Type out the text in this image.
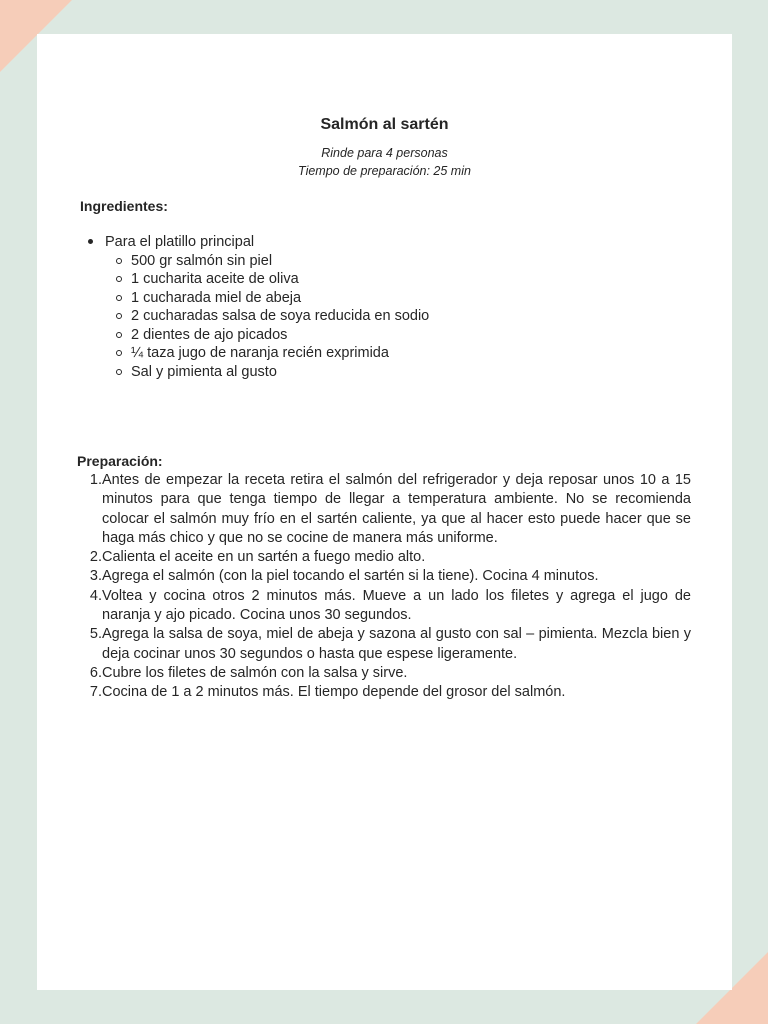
Salmón al sartén

Rinde para 4 personas

Tiempo de preparación: 25 min

Ingredientes:
Para el platillo principal
500 gr salmón sin piel
1 cucharita aceite de oliva
1 cucharada miel de abeja
2 cucharadas salsa de soya reducida en sodio
2 dientes de ajo picados
¼ taza jugo de naranja recién exprimida
Sal y pimienta al gusto
Preparación:
1. Antes de empezar la receta retira el salmón del refrigerador y deja reposar unos 10 a 15 minutos para que tenga tiempo de llegar a temperatura ambiente. No se recomienda colocar el salmón muy frío en el sartén caliente, ya que al hacer esto puede hacer que se haga más chico y que no se cocine de manera más uniforme.
2. Calienta el aceite en un sartén a fuego medio alto.
3. Agrega el salmón (con la piel tocando el sartén si la tiene). Cocina 4 minutos.
4. Voltea y cocina otros 2 minutos más. Mueve a un lado los filetes y agrega el jugo de naranja y ajo picado. Cocina unos 30 segundos.
5. Agrega la salsa de soya, miel de abeja y sazona al gusto con sal – pimienta. Mezcla bien y deja cocinar unos 30 segundos o hasta que espese ligeramente.
6. Cubre los filetes de salmón con la salsa y sirve.
7. Cocina de 1 a 2 minutos más. El tiempo depende del grosor del salmón.
